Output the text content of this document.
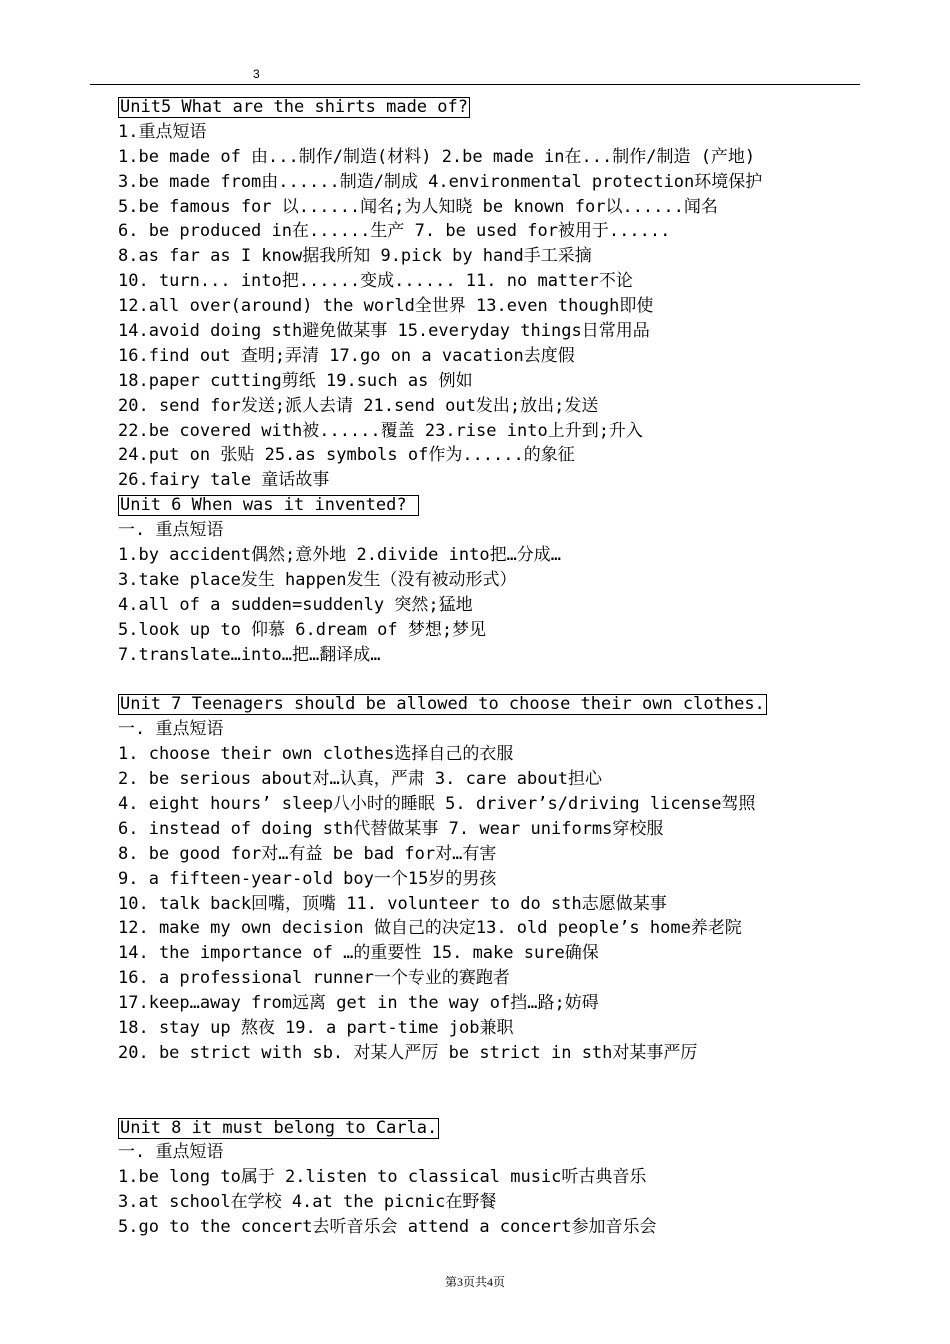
3
Unit5 What are the shirts made of?
1.重点短语
1.be made of 由...制作/制造(材料) 2.be made in在...制作/制造 (产地)
3.be made from由......制造/制成 4.environmental protection环境保护
5.be famous for 以......闻名;为人知晓 be known for以......闻名
6. be produced in在......生产 7. be used for被用于......
8.as far as I know据我所知 9.pick by hand手工采摘
10. turn... into把......变成...... 11. no matter不论
12.all over(around) the world全世界 13.even though即使
14.avoid doing sth避免做某事 15.everyday things日常用品
16.find out 查明;弄清 17.go on a vacation去度假
18.paper cutting剪纸 19.such as 例如
20. send for发送;派人去请 21.send out发出;放出;发送
22.be covered with被......覆盖 23.rise into上升到;升入
24.put on 张贴 25.as symbols of作为......的象征
26.fairy tale 童话故事
Unit 6 When was it invented?
一. 重点短语
1.by accident偶然;意外地 2.divide into把…分成…
3.take place发生 happen发生（没有被动形式）
4.all of a sudden=suddenly 突然;猛地
5.look up to 仰慕 6.dream of 梦想;梦见
7.translate…into…把…翻译成…
Unit 7 Teenagers should be allowed to choose their own clothes.
一. 重点短语
1. choose their own clothes选择自己的衣服
2. be serious about对…认真，严肃 3. care about担心
4. eight hours’ sleep八小时的睡眠 5. driver’s/driving license驾照
6. instead of doing sth代替做某事 7. wear uniforms穿校服
8. be good for对…有益 be bad for对…有害
9. a fifteen-year-old boy一个15岁的男孩
10. talk back回嘴，顶嘴 11. volunteer to do sth志愿做某事
12. make my own decision 做自己的决定13. old people’s home养老院
14. the importance of …的重要性 15. make sure确保
16. a professional runner一个专业的赛跑者
17.keep…away from远离 get in the way of挡…路;妨碍
18. stay up 熬夜 19. a part-time job兼职
20. be strict with sb. 对某人严厉 be strict in sth对某事严厉
Unit 8 it must belong to Carla.
一. 重点短语
1.be long to属于 2.listen to classical music听古典音乐
3.at school在学校 4.at the picnic在野餐
5.go to the concert去听音乐会 attend a concert参加音乐会
第3页共4页
